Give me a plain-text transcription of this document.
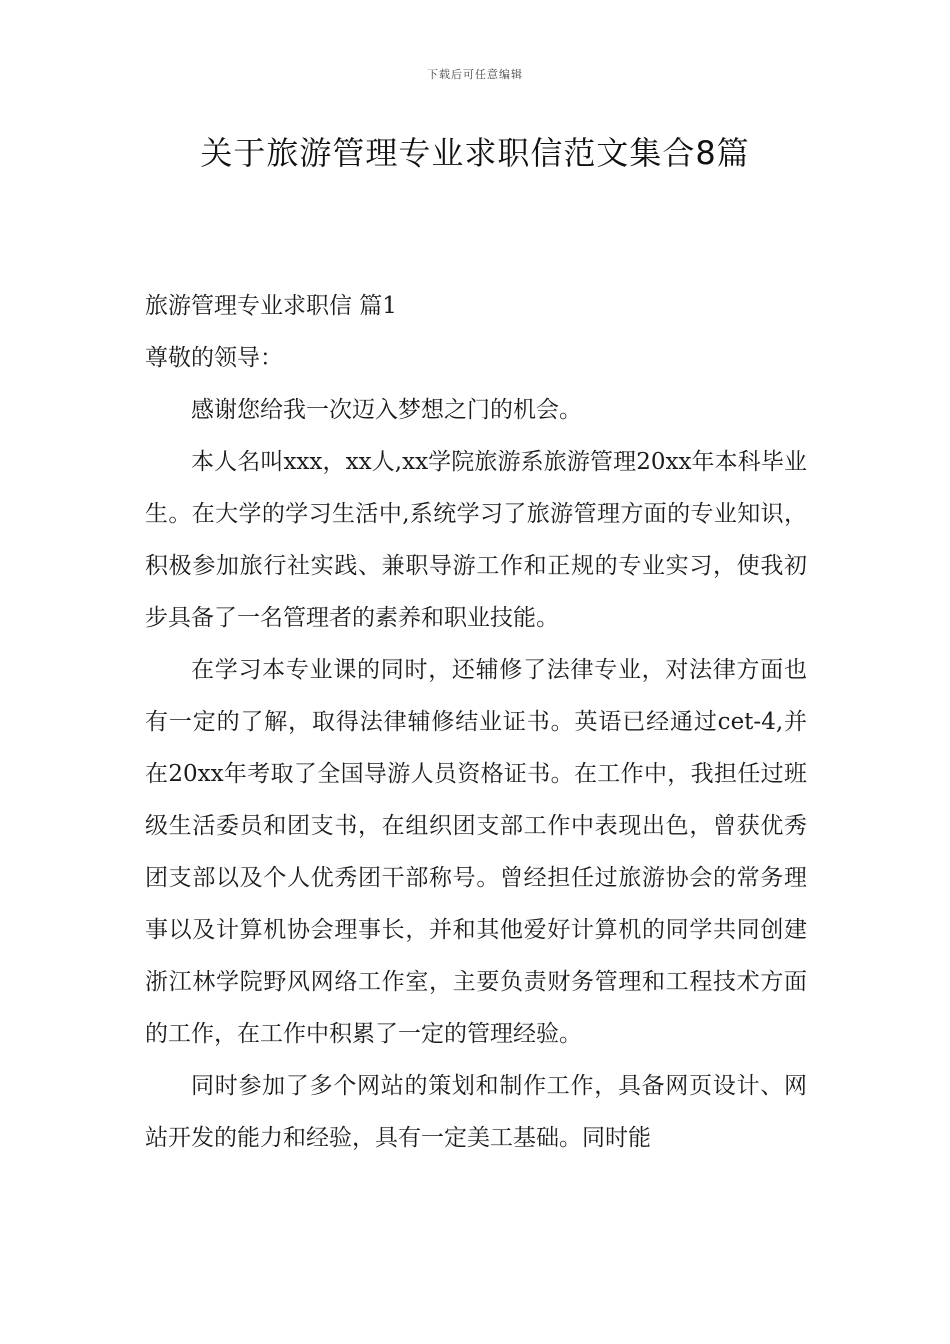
下载后可任意编辑
关于旅游管理专业求职信范文集合8篇

旅游管理专业求职信 篇1

尊敬的领导：

感谢您给我一次迈入梦想之门的机会。

本人名叫xxx，xx人,xx学院旅游系旅游管理20xx年本科毕业生。在大学的学习生活中,系统学习了旅游管理方面的专业知识，积极参加旅行社实践、兼职导游工作和正规的专业实习，使我初步具备了一名管理者的素养和职业技能。

在学习本专业课的同时，还辅修了法律专业，对法律方面也有一定的了解，取得法律辅修结业证书。英语已经通过cet-4,并在20xx年考取了全国导游人员资格证书。在工作中，我担任过班级生活委员和团支书，在组织团支部工作中表现出色，曾获优秀团支部以及个人优秀团干部称号。曾经担任过旅游协会的常务理事以及计算机协会理事长，并和其他爱好计算机的同学共同创建浙江林学院野风网络工作室，主要负责财务管理和工程技术方面的工作，在工作中积累了一定的管理经验。

同时参加了多个网站的策划和制作工作，具备网页设计、网站开发的能力和经验，具有一定美工基础。同时能
